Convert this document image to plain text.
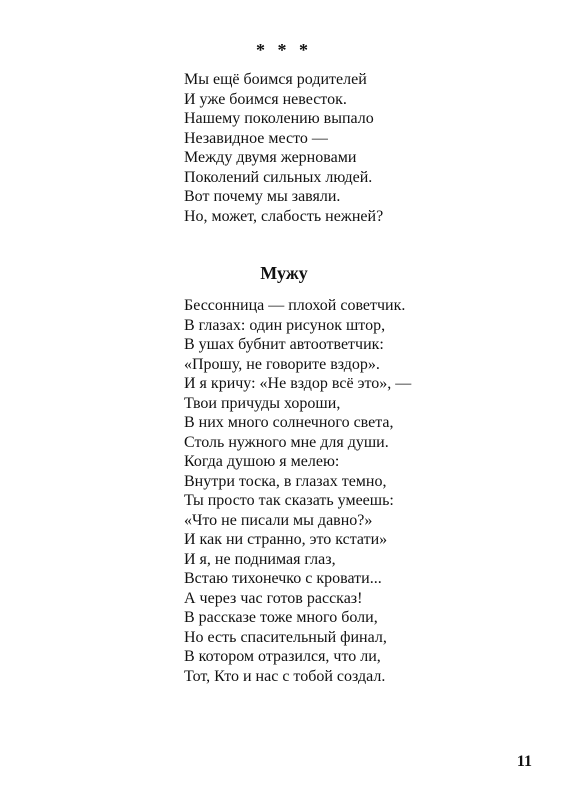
* * *
Мы ещё боимся родителей
И уже боимся невесток.
Нашему поколению выпало
Незавидное место —
Между двумя жерновами
Поколений сильных людей.
Вот почему мы завяли.
Но, может, слабость нежней?
Мужу
Бессонница — плохой советчик.
В глазах: один рисунок штор,
В ушах бубнит автоответчик:
«Прошу, не говорите вздор».
И я кричу: «Не вздор всё это», —
Твои причуды хороши,
В них много солнечного света,
Столь нужного мне для души.
Когда душою я мелею:
Внутри тоска, в глазах темно,
Ты просто так сказать умеешь:
«Что не писали мы давно?»
И как ни странно, это кстати»
И я, не поднимая глаз,
Встаю тихонечко с кровати...
А через час готов рассказ!
В рассказе тоже много боли,
Но есть спасительный финал,
В котором отразился, что ли,
Тот, Кто и нас с тобой создал.
11
